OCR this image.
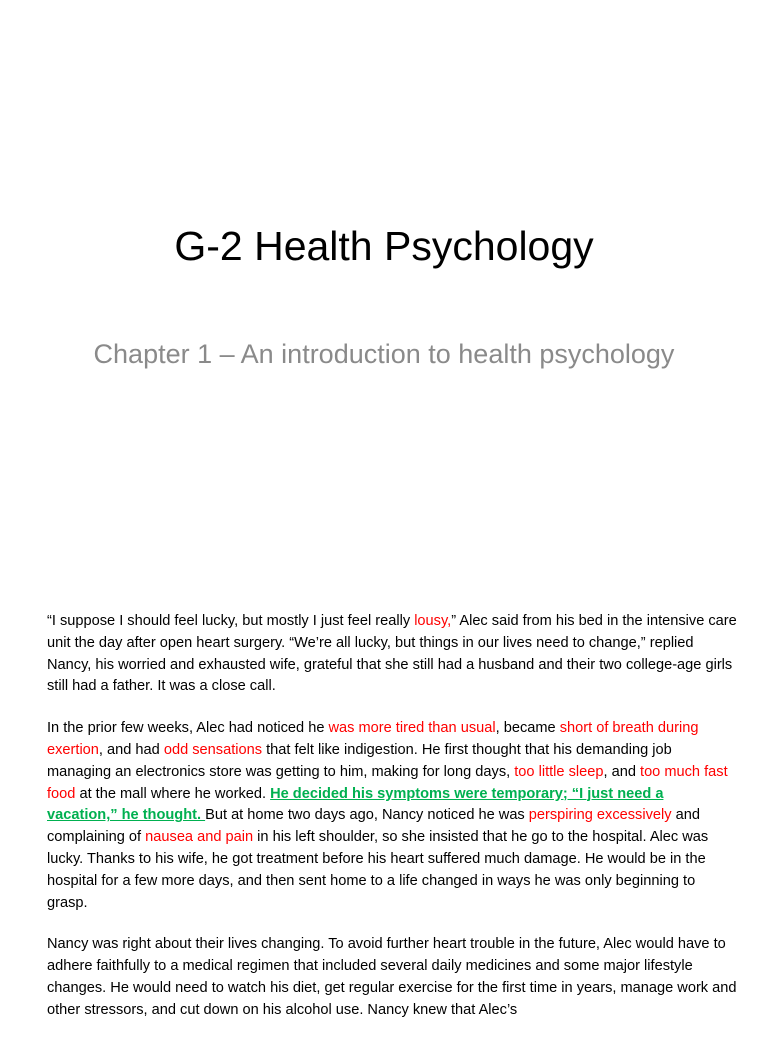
G-2 Health Psychology
Chapter 1 – An introduction to health psychology

“I suppose I should feel lucky, but mostly I just feel really lousy,” Alec said from his bed in the intensive care unit the day after open heart surgery. “We’re all lucky, but things in our lives need to change,” replied Nancy, his worried and exhausted wife, grateful that she still had a husband and their two college-age girls still had a father. It was a close call.

In the prior few weeks, Alec had noticed he was more tired than usual, became short of breath during exertion, and had odd sensations that felt like indigestion. He first thought that his demanding job managing an electronics store was getting to him, making for long days, too little sleep, and too much fast food at the mall where he worked. He decided his symptoms were temporary; “I just need a vacation,” he thought. But at home two days ago, Nancy noticed he was perspiring excessively and complaining of nausea and pain in his left shoulder, so she insisted that he go to the hospital. Alec was lucky. Thanks to his wife, he got treatment before his heart suffered much damage. He would be in the hospital for a few more days, and then sent home to a life changed in ways he was only beginning to grasp.

Nancy was right about their lives changing. To avoid further heart trouble in the future, Alec would have to adhere faithfully to a medical regimen that included several daily medicines and some major lifestyle changes. He would need to watch his diet, get regular exercise for the first time in years, manage work and other stressors, and cut down on his alcohol use. Nancy knew that Alec’s
